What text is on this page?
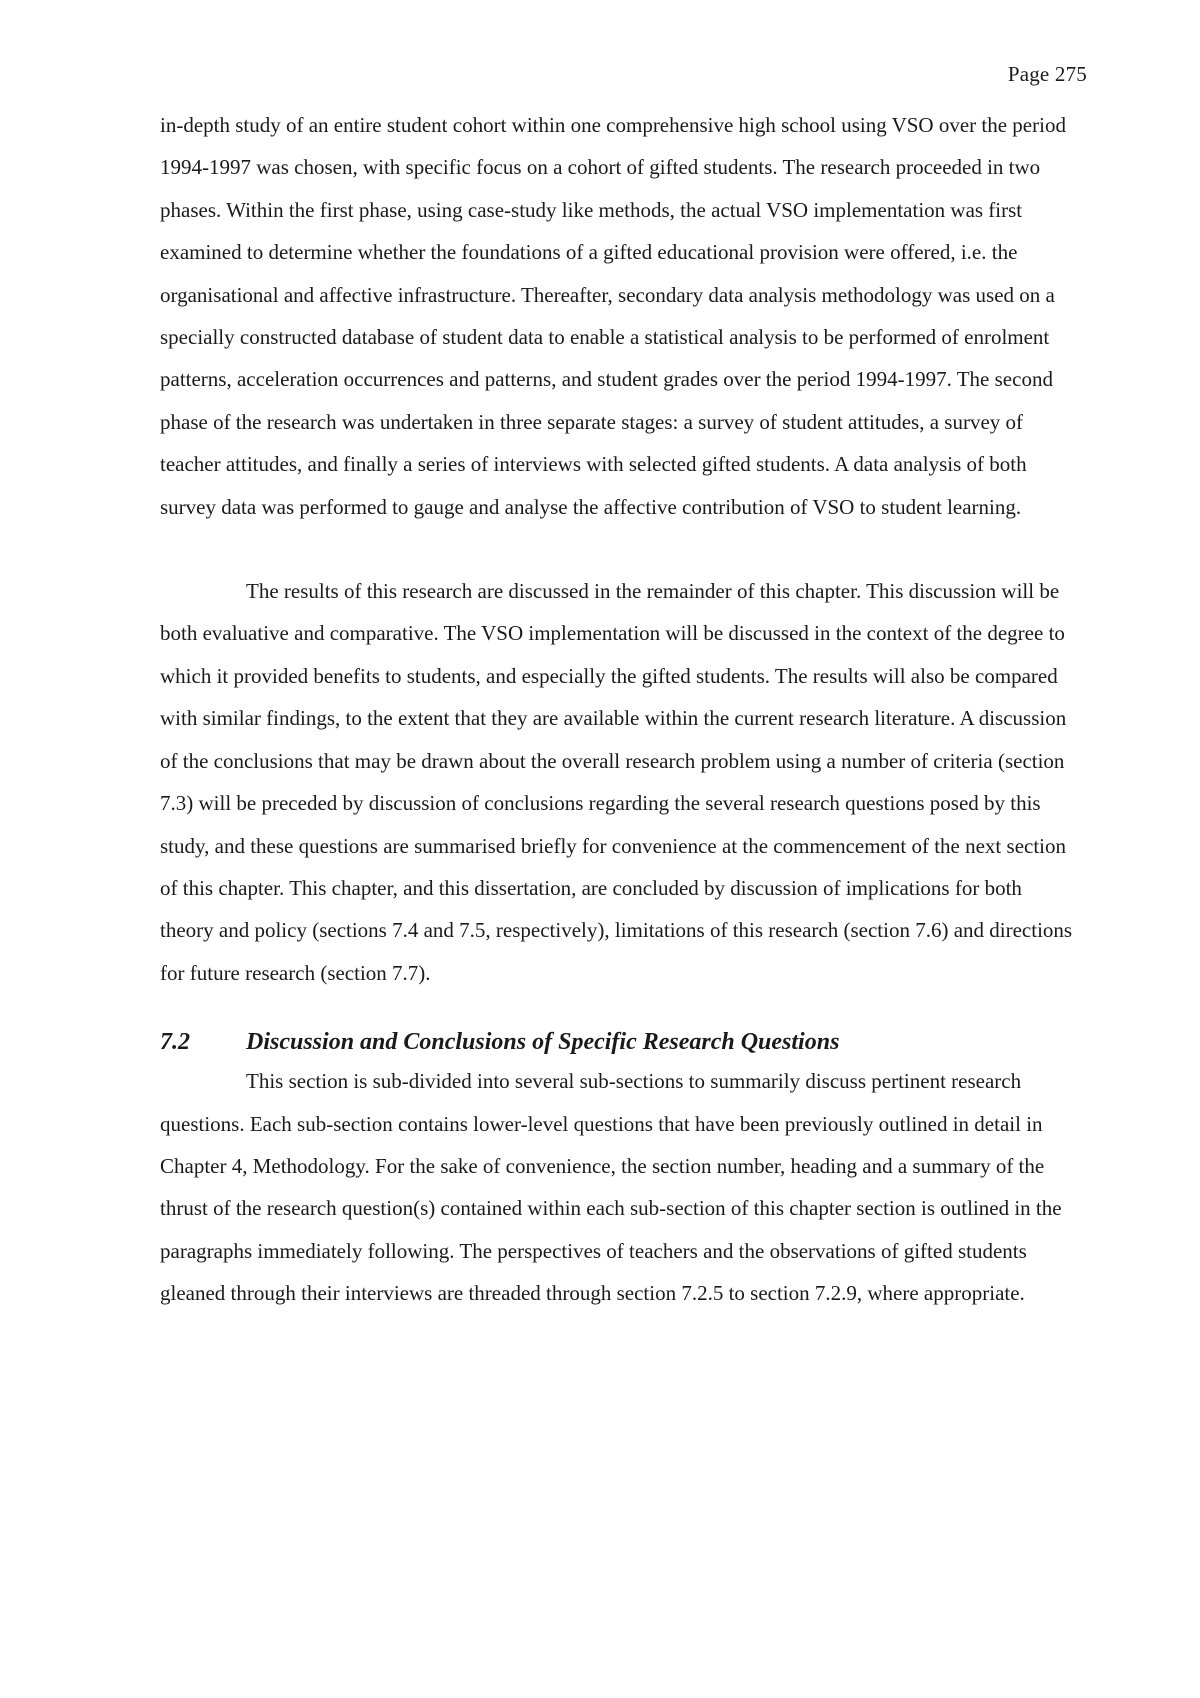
Page 275

in-depth study of an entire student cohort within one comprehensive high school using VSO over the period 1994-1997 was chosen, with specific focus on a cohort of gifted students. The research proceeded in two phases. Within the first phase, using case-study like methods, the actual VSO implementation was first examined to determine whether the foundations of a gifted educational provision were offered, i.e. the organisational and affective infrastructure. Thereafter, secondary data analysis methodology was used on a specially constructed database of student data to enable a statistical analysis to be performed of enrolment patterns, acceleration occurrences and patterns, and student grades over the period 1994-1997. The second phase of the research was undertaken in three separate stages: a survey of student attitudes, a survey of teacher attitudes, and finally a series of interviews with selected gifted students. A data analysis of both survey data was performed to gauge and analyse the affective contribution of VSO to student learning.

The results of this research are discussed in the remainder of this chapter. This discussion will be both evaluative and comparative. The VSO implementation will be discussed in the context of the degree to which it provided benefits to students, and especially the gifted students. The results will also be compared with similar findings, to the extent that they are available within the current research literature. A discussion of the conclusions that may be drawn about the overall research problem using a number of criteria (section 7.3) will be preceded by discussion of conclusions regarding the several research questions posed by this study, and these questions are summarised briefly for convenience at the commencement of the next section of this chapter. This chapter, and this dissertation, are concluded by discussion of implications for both theory and policy (sections 7.4 and 7.5, respectively), limitations of this research (section 7.6) and directions for future research (section 7.7).

7.2 Discussion and Conclusions of Specific Research Questions

This section is sub-divided into several sub-sections to summarily discuss pertinent research questions. Each sub-section contains lower-level questions that have been previously outlined in detail in Chapter 4, Methodology. For the sake of convenience, the section number, heading and a summary of the thrust of the research question(s) contained within each sub-section of this chapter section is outlined in the paragraphs immediately following. The perspectives of teachers and the observations of gifted students gleaned through their interviews are threaded through section 7.2.5 to section 7.2.9, where appropriate.
